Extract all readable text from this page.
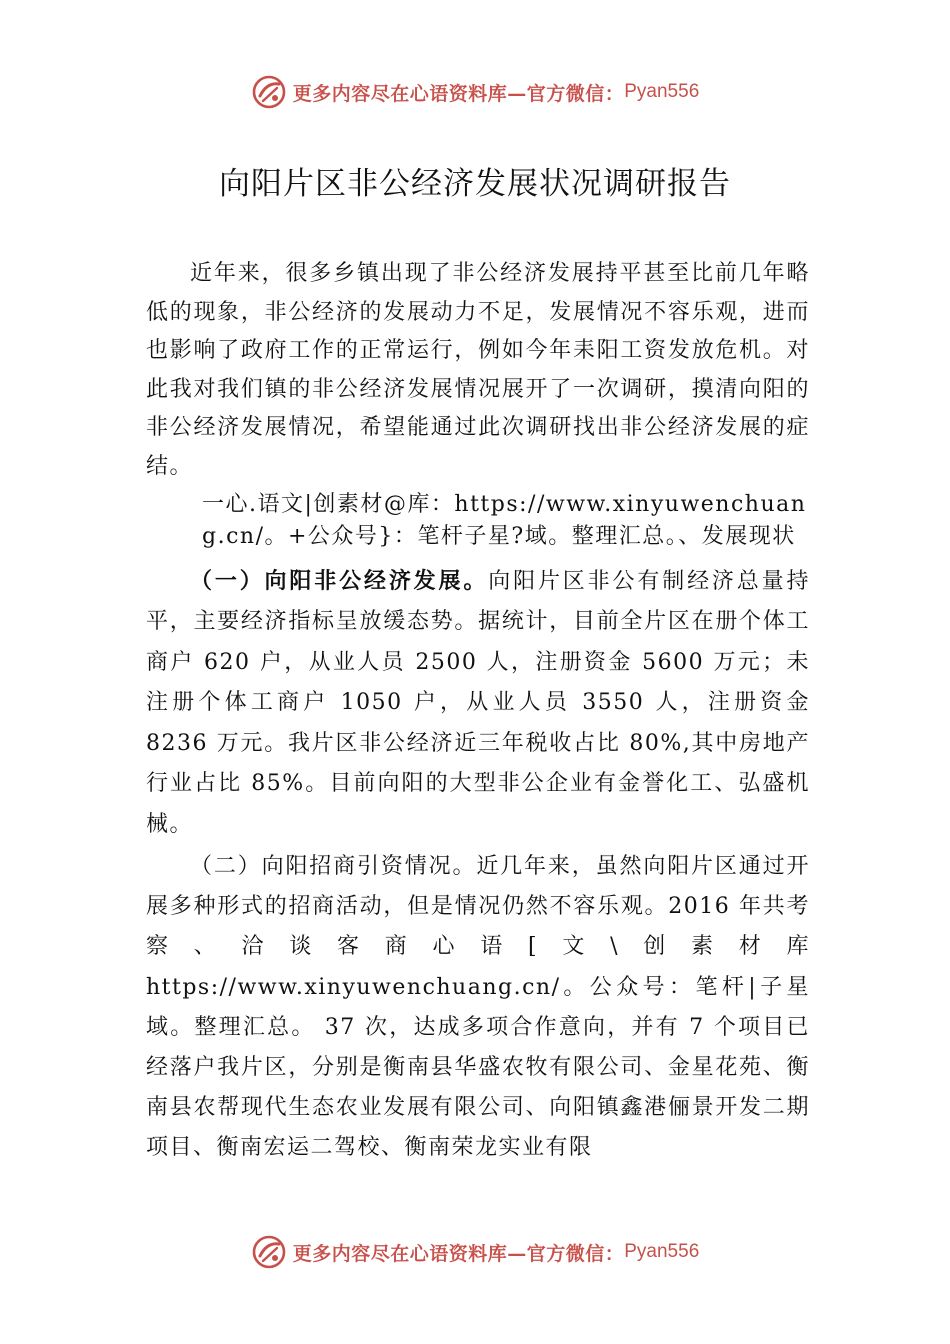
更多内容尽在心语资料库—官方微信： Pyan556
向阳片区非公经济发展状况调研报告

近年来，很多乡镇出现了非公经济发展持平甚至比前几年略低的现象，非公经济的发展动力不足，发展情况不容乐观，进而也影响了政府工作的正常运行，例如今年耒阳工资发放危机。对此我对我们镇的非公经济发展情况展开了一次调研，摸清向阳的非公经济发展情况，希望能通过此次调研找出非公经济发展的症结。

一心.语文|创素材@库：https://www.xinyuwenchuang.cn/。+公众号}：笔杆子星?域。整理汇总。、发展现状

（一）向阳非公经济发展。向阳片区非公有制经济总量持平，主要经济指标呈放缓态势。据统计，目前全片区在册个体工商户 620 户，从业人员 2500 人，注册资金 5600 万元；未注册个体工商户 1050 户，从业人员 3550 人，注册资金 8236 万元。我片区非公经济近三年税收占比 80%,其中房地产行业占比 85%。目前向阳的大型非公企业有金誉化工、弘盛机械。

（二）向阳招商引资情况。近几年来，虽然向阳片区通过开展多种形式的招商活动，但是情况仍然不容乐观。2016 年共考察、洽谈客商心语[文\创素材库 https://www.xinyuwenchuang.cn/。公众号：笔杆|子星域。整理汇总。 37 次，达成多项合作意向，并有 7 个项目已经落户我片区，分别是衡南县华盛农牧有限公司、金星花苑、衡南县农帮现代生态农业发展有限公司、向阳镇鑫港俪景开发二期项目、衡南宏运二驾校、衡南荣龙实业有限

更多内容尽在心语资料库—官方微信： Pyan556
